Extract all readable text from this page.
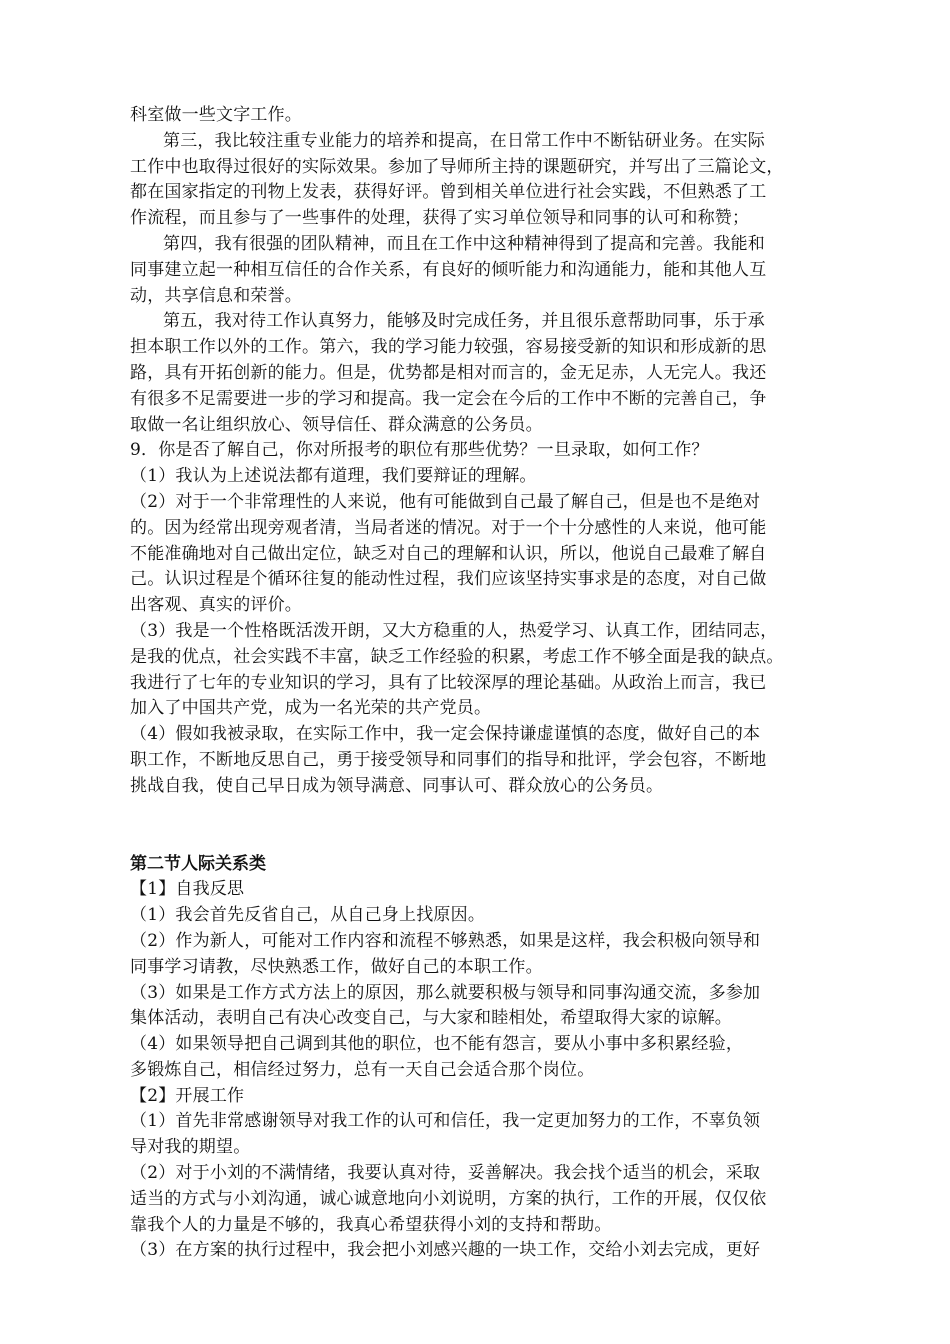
科室做一些文字工作。
第三，我比较注重专业能力的培养和提高，在日常工作中不断钻研业务。在实际
工作中也取得过很好的实际效果。参加了导师所主持的课题研究，并写出了三篇论文，
都在国家指定的刊物上发表，获得好评。曾到相关单位进行社会实践，不但熟悉了工
作流程，而且参与了一些事件的处理，获得了实习单位领导和同事的认可和称赞；
第四，我有很强的团队精神，而且在工作中这种精神得到了提高和完善。我能和
同事建立起一种相互信任的合作关系，有良好的倾听能力和沟通能力，能和其他人互
动，共享信息和荣誉。
第五，我对待工作认真努力，能够及时完成任务，并且很乐意帮助同事，乐于承
担本职工作以外的工作。第六，我的学习能力较强，容易接受新的知识和形成新的思
路，具有开拓创新的能力。但是，优势都是相对而言的，金无足赤，人无完人。我还
有很多不足需要进一步的学习和提高。我一定会在今后的工作中不断的完善自己，争
取做一名让组织放心、领导信任、群众满意的公务员。
9．你是否了解自己，你对所报考的职位有那些优势？一旦录取，如何工作？
（1）我认为上述说法都有道理，我们要辩证的理解。
（2）对于一个非常理性的人来说，他有可能做到自己最了解自己，但是也不是绝对
的。因为经常出现旁观者清，当局者迷的情况。对于一个十分感性的人来说，他可能
不能准确地对自己做出定位，缺乏对自己的理解和认识，所以，他说自己最难了解自
己。认识过程是个循环往复的能动性过程，我们应该坚持实事求是的态度，对自己做
出客观、真实的评价。
（3）我是一个性格既活泼开朗，又大方稳重的人，热爱学习、认真工作，团结同志，
是我的优点，社会实践不丰富，缺乏工作经验的积累，考虑工作不够全面是我的缺点。
我进行了七年的专业知识的学习，具有了比较深厚的理论基础。从政治上而言，我已
加入了中国共产党，成为一名光荣的共产党员。
（4）假如我被录取，在实际工作中，我一定会保持谦虚谨慎的态度，做好自己的本
职工作，不断地反思自己，勇于接受领导和同事们的指导和批评，学会包容，不断地
挑战自我，使自己早日成为领导满意、同事认可、群众放心的公务员。
第二节人际关系类
【1】自我反思
（1）我会首先反省自己，从自己身上找原因。
（2）作为新人，可能对工作内容和流程不够熟悉，如果是这样，我会积极向领导和
同事学习请教，尽快熟悉工作，做好自己的本职工作。
（3）如果是工作方式方法上的原因，那么就要积极与领导和同事沟通交流，多参加
集体活动，表明自己有决心改变自己，与大家和睦相处，希望取得大家的谅解。
（4）如果领导把自己调到其他的职位，也不能有怨言，要从小事中多积累经验，
多锻炼自己，相信经过努力，总有一天自己会适合那个岗位。
【2】开展工作
（1）首先非常感谢领导对我工作的认可和信任，我一定更加努力的工作，不辜负领
导对我的期望。
（2）对于小刘的不满情绪，我要认真对待，妥善解决。我会找个适当的机会，采取
适当的方式与小刘沟通，诚心诚意地向小刘说明，方案的执行，工作的开展，仅仅依
靠我个人的力量是不够的，我真心希望获得小刘的支持和帮助。
（3）在方案的执行过程中，我会把小刘感兴趣的一块工作，交给小刘去完成，更好
